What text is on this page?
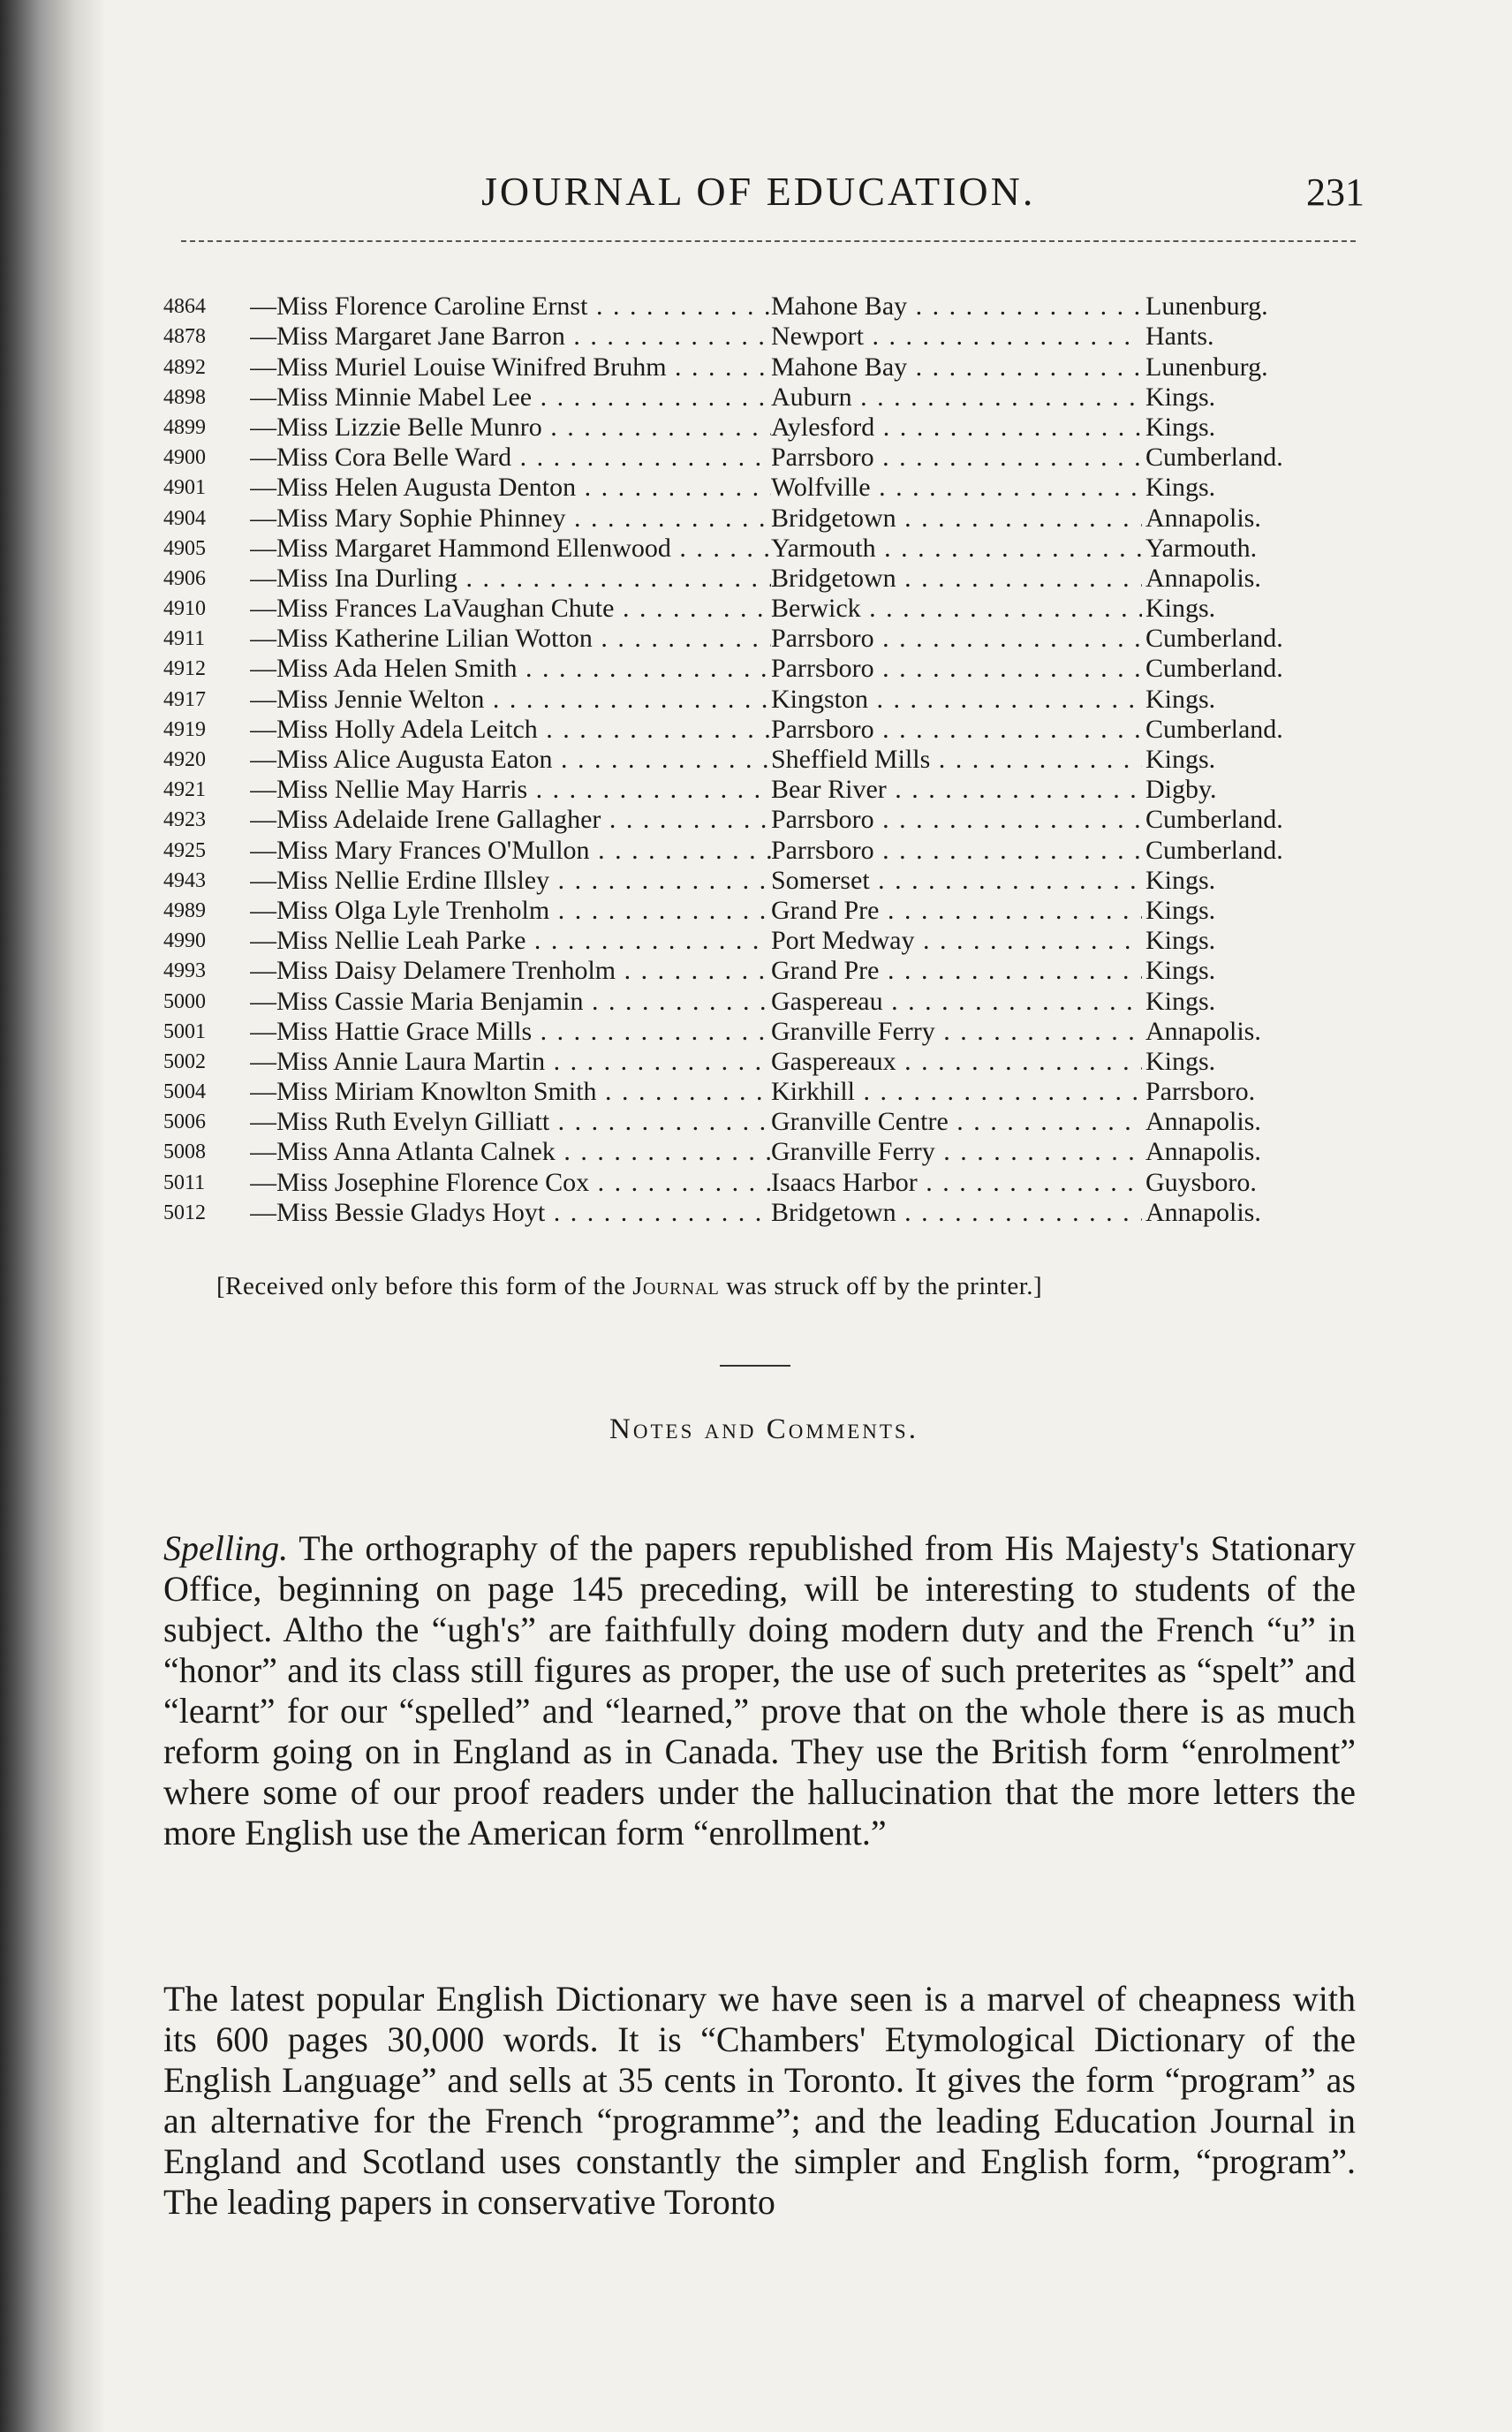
JOURNAL OF EDUCATION.	231
4864	—Miss Florence Caroline Ernst . . .	Mahone Bay . . .	Lunenburg.
4878	—Miss Margaret Jane Barron . . .	Newport . . .	Hants.
4892	—Miss Muriel Louise Winifred Bruhm . . .	Mahone Bay . . .	Lunenburg.
4898	—Miss Minnie Mabel Lee . . .	Auburn . . .	Kings.
4899	—Miss Lizzie Belle Munro . . .	Aylesford . . .	Kings.
4900	—Miss Cora Belle Ward . . .	Parrsboro . . .	Cumberland.
4901	—Miss Helen Augusta Denton . . .	Wolfville . . .	Kings.
4904	—Miss Mary Sophie Phinney . . .	Bridgetown . . .	Annapolis.
4905	—Miss Margaret Hammond Ellenwood . . .	Yarmouth . . .	Yarmouth.
4906	—Miss Ina Durling . . .	Bridgetown . . .	Annapolis.
4910	—Miss Frances LaVaughan Chute . . .	Berwick . . .	Kings.
4911	—Miss Katherine Lilian Wotton . . .	Parrsboro . . .	Cumberland.
4912	—Miss Ada Helen Smith . . .	Parrsboro . . .	Cumberland.
4917	—Miss Jennie Welton . . .	Kingston . . .	Kings.
4919	—Miss Holly Adela Leitch . . .	Parrsboro . . .	Cumberland.
4920	—Miss Alice Augusta Eaton . . .	Sheffield Mills . . .	Kings.
4921	—Miss Nellie May Harris . . .	Bear River . . .	Digby.
4923	—Miss Adelaide Irene Gallagher . . .	Parrsboro . . .	Cumberland.
4925	—Miss Mary Frances O'Mullon . . .	Parrsboro . . .	Cumberland.
4943	—Miss Nellie Erdine Illsley . . .	Somerset . . .	Kings.
4989	—Miss Olga Lyle Trenholm . . .	Grand Pre . . .	Kings.
4990	—Miss Nellie Leah Parke . . .	Port Medway . . .	Kings.
4993	—Miss Daisy Delamere Trenholm . . .	Grand Pre . . .	Kings.
5000	—Miss Cassie Maria Benjamin . . .	Gaspereau . . .	Kings.
5001	—Miss Hattie Grace Mills . . .	Granville Ferry . . .	Annapolis.
5002	—Miss Annie Laura Martin . . .	Gaspereaux . . .	Kings.
5004	—Miss Miriam Knowlton Smith . . .	Kirkhill . . .	Parrsboro.
5006	—Miss Ruth Evelyn Gilliatt . . .	Granville Centre . . .	Annapolis.
5008	—Miss Anna Atlanta Calnek . . .	Granville Ferry . . .	Annapolis.
5011	—Miss Josephine Florence Cox . . .	Isaacs Harbor . . .	Guysboro.
5012	—Miss Bessie Gladys Hoyt . . .	Bridgetown . . .	Annapolis.
[Received only before this form of the Journal was struck off by the printer.]
Notes and Comments.

Spelling. The orthography of the papers republished from His Majesty's Stationary Office, beginning on page 145 preceding, will be interesting to students of the subject. Altho the “ugh's” are faithfully doing modern duty and the French “u” in “honor” and its class still figures as proper, the use of such preterites as “spelt” and “learnt” for our “spelled” and “learned,” prove that on the whole there is as much reform going on in England as in Canada. They use the British form “enrolment” where some of our proof readers under the hallucination that the more letters the more English use the American form “enrollment.”

The latest popular English Dictionary we have seen is a marvel of cheapness with its 600 pages 30,000 words. It is “Chambers' Etymological Dictionary of the English Language” and sells at 35 cents in Toronto. It gives the form “program” as an alternative for the French “programme”; and the leading Education Journal in England and Scotland uses constantly the simpler and English form, “program”. The leading papers in conservative Toronto
